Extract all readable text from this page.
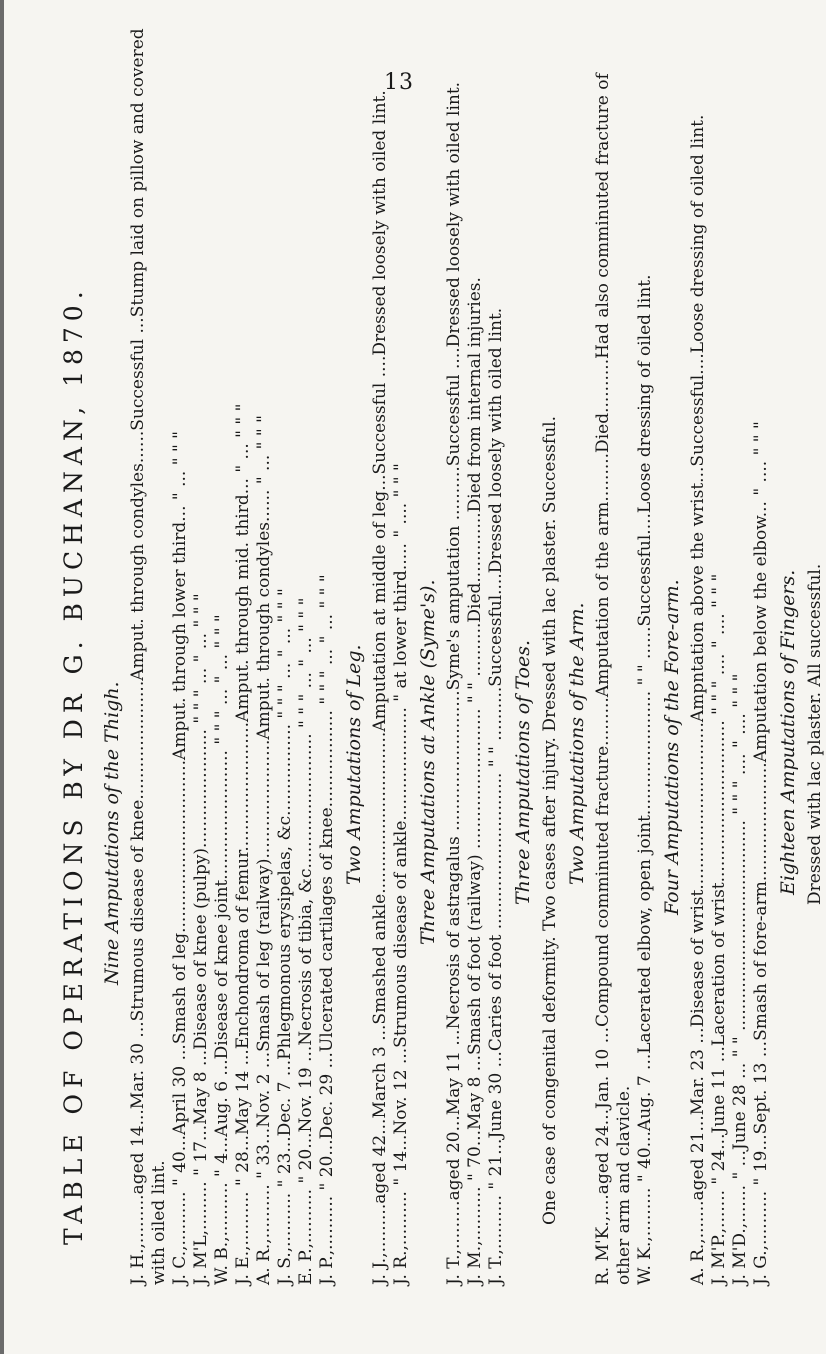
13
TABLE OF OPERATIONS BY DR G. BUCHANAN, 1870. Nine Amputations of the Thigh. J. H.,.........aged 14...Mar. 30 ...Strumous disease of knee......................Amput. through condyles......Successful ...Stump laid on pillow and covered with oiled lint. J. C.,.......... " 40...April 30 ...Smash of leg................................Amput. through lower third... " ... " " " J. M'L,......... " 17...May 8 ...Disease of knee (pulpy)...................... " " " ... " ... " " " W. B.,.......... " 4...Aug. 6 ...Disease of knee joint........................ " " " ... " ... " " " J. E.,.......... " 28...May 14 ...Enchondroma of femur........................Amput. through mid. third... " ... " " " A. R.,.......... " 33...Nov. 2 ...Smash of leg (railway)......................Amput. through condyles...... " ... " " " J. S.,.......... " 23...Dec. 7 ...Phlegmonous erysipelas, &c................. " " " ... " ... " " " E. P.,.......... " 20...Nov. 19 ...Necrosis of tibia, &c......................... " " " ... " ... " " " J. P.,.......... " 20...Dec. 29 ...Ulcerated cartilages of knee.................. " " " ... " ... " " " Two Amputations of Leg. J. J.,.........aged 42...March 3 ...Smashed ankle..............................Amputation at middle of leg...Successful ....Dressed loosely with oiled lint. J. R.,.......... " 14...Nov. 12 ...Strumous disease of ankle..................... " at lower third..... " .... " " " Three Amputations at Ankle (Syme's). J. T.,.........aged 20...May 11 ...Necrosis of astragalus ..........................Syme's amputation ..........Successful ....Dressed loosely with oiled lint. J. M.,.......... " 70...May 8 ...Smash of foot (railway) .......................... " " ..........Died.............Died from internal injuries. J. T.,.......... " 21...June 30 ...Caries of foot ............................. " " ..........Successful....Dressed loosely with oiled lint. Three Amputations of Toes. One case of congenital deformity. Two cases after injury. Dressed with lac plaster. Successful. Two Amputations of the Arm. R. M'K.,....aged 24...Jan. 10 ...Compound comminuted fracture.........Amputation of the arm.........Died..........Had also comminuted fracture of other arm and clavicle. W. K.,......... " 40...Aug. 7 ...Lacerated elbow, open joint....................... " " ......Successful....Loose dressing of oiled lint. Four Amputations of the Fore-arm. A. R.,.......aged 21...Mar. 23 ...Disease of wrist...............................Ampntation above the wrist...Successful....Loose dressing of oiled lint. J. M'P.,....... " 24...June 11 ...Laceration of wrist.............................. " " " .... " .... " " " J. M'D.,....... " ...June 28 ... " " ....................................... " " " .... " .... " " " J. G.,.......... " 19...Sept. 13 ...Smash of fore-arm......................Amputation below the elbow... " .... " " " Eighteen Amputations of Fingers. Dressed with lac plaster. All successful.
